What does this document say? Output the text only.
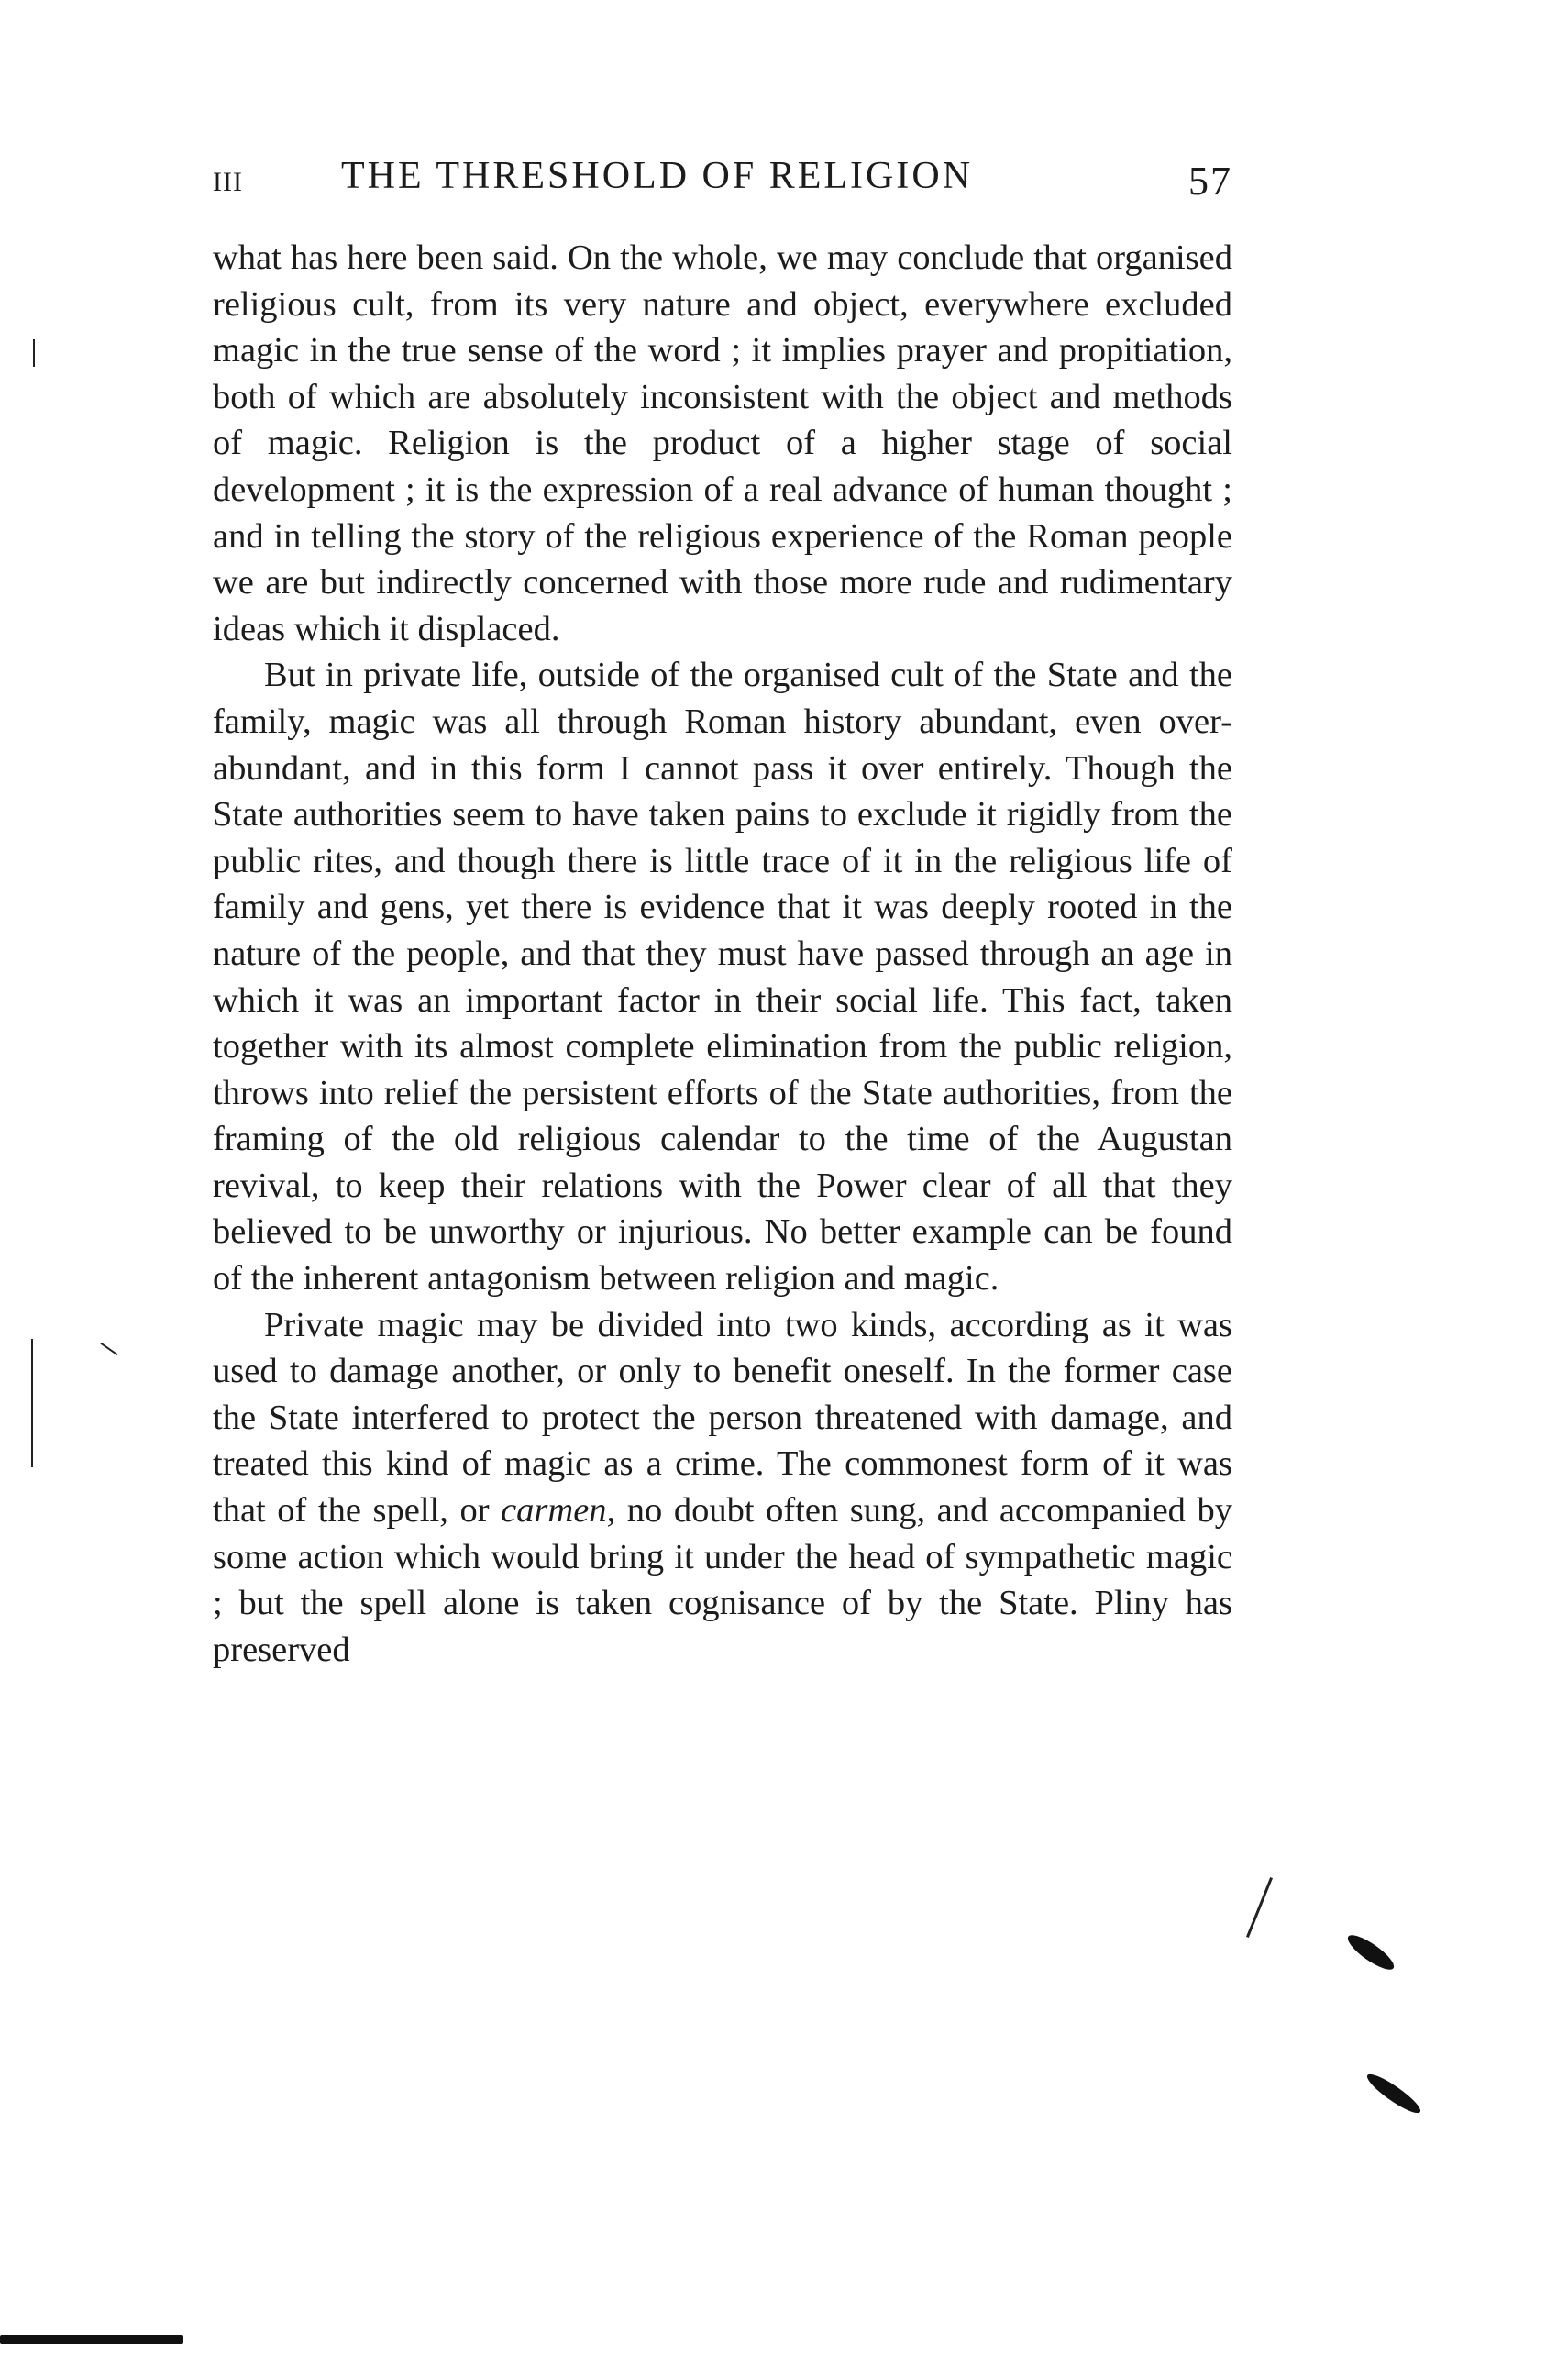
III	THE THRESHOLD OF RELIGION	57

what has here been said. On the whole, we may conclude that organised religious cult, from its very nature and object, everywhere excluded magic in the true sense of the word ; it implies prayer and propitiation, both of which are absolutely inconsistent with the object and methods of magic. Religion is the product of a higher stage of social development ; it is the expression of a real advance of human thought ; and in telling the story of the religious experience of the Roman people we are but indirectly concerned with those more rude and rudimentary ideas which it displaced.

But in private life, outside of the organised cult of the State and the family, magic was all through Roman history abundant, even over-abundant, and in this form I cannot pass it over entirely. Though the State authorities seem to have taken pains to exclude it rigidly from the public rites, and though there is little trace of it in the religious life of family and gens, yet there is evidence that it was deeply rooted in the nature of the people, and that they must have passed through an age in which it was an important factor in their social life. This fact, taken together with its almost complete elimination from the public religion, throws into relief the persistent efforts of the State authorities, from the framing of the old religious calendar to the time of the Augustan revival, to keep their relations with the Power clear of all that they believed to be unworthy or injurious. No better example can be found of the inherent antagonism between religion and magic.

Private magic may be divided into two kinds, according as it was used to damage another, or only to benefit oneself. In the former case the State interfered to protect the person threatened with damage, and treated this kind of magic as a crime. The commonest form of it was that of the spell, or carmen, no doubt often sung, and accompanied by some action which would bring it under the head of sympathetic magic ; but the spell alone is taken cognisance of by the State. Pliny has preserved
